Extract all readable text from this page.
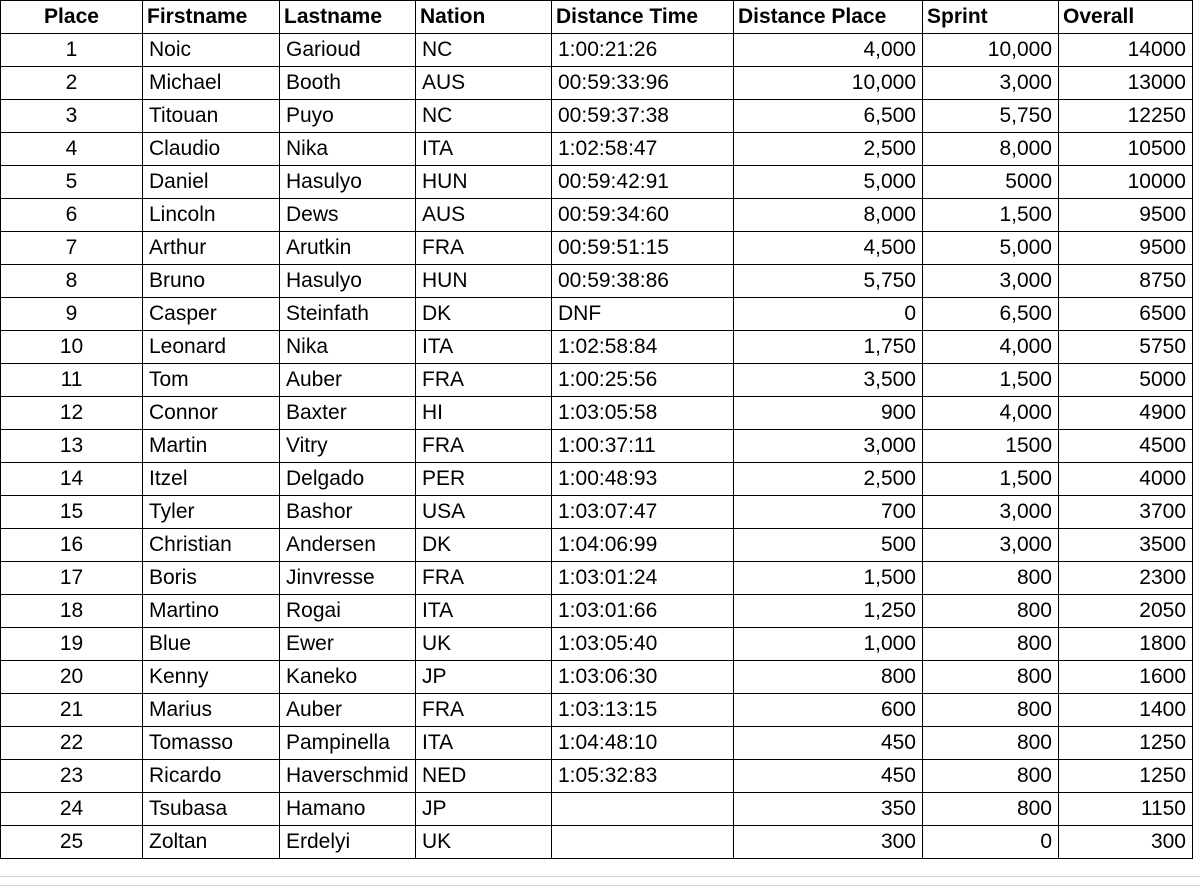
Place	Firstname	Lastname	Nation	Distance Time	Distance Place	Sprint	Overall
1	Noic	Garioud	NC	1:00:21:26	4,000	10,000	14000
2	Michael	Booth	AUS	00:59:33:96	10,000	3,000	13000
3	Titouan	Puyo	NC	00:59:37:38	6,500	5,750	12250
4	Claudio	Nika	ITA	1:02:58:47	2,500	8,000	10500
5	Daniel	Hasulyo	HUN	00:59:42:91	5,000	5000	10000
6	Lincoln	Dews	AUS	00:59:34:60	8,000	1,500	9500
7	Arthur	Arutkin	FRA	00:59:51:15	4,500	5,000	9500
8	Bruno	Hasulyo	HUN	00:59:38:86	5,750	3,000	8750
9	Casper	Steinfath	DK	DNF	0	6,500	6500
10	Leonard	Nika	ITA	1:02:58:84	1,750	4,000	5750
11	Tom	Auber	FRA	1:00:25:56	3,500	1,500	5000
12	Connor	Baxter	HI	1:03:05:58	900	4,000	4900
13	Martin	Vitry	FRA	1:00:37:11	3,000	1500	4500
14	Itzel	Delgado	PER	1:00:48:93	2,500	1,500	4000
15	Tyler	Bashor	USA	1:03:07:47	700	3,000	3700
16	Christian	Andersen	DK	1:04:06:99	500	3,000	3500
17	Boris	Jinvresse	FRA	1:03:01:24	1,500	800	2300
18	Martino	Rogai	ITA	1:03:01:66	1,250	800	2050
19	Blue	Ewer	UK	1:03:05:40	1,000	800	1800
20	Kenny	Kaneko	JP	1:03:06:30	800	800	1600
21	Marius	Auber	FRA	1:03:13:15	600	800	1400
22	Tomasso	Pampinella	ITA	1:04:48:10	450	800	1250
23	Ricardo	Haverschmid	NED	1:05:32:83	450	800	1250
24	Tsubasa	Hamano	JP		350	800	1150
25	Zoltan	Erdelyi	UK		300	0	300
